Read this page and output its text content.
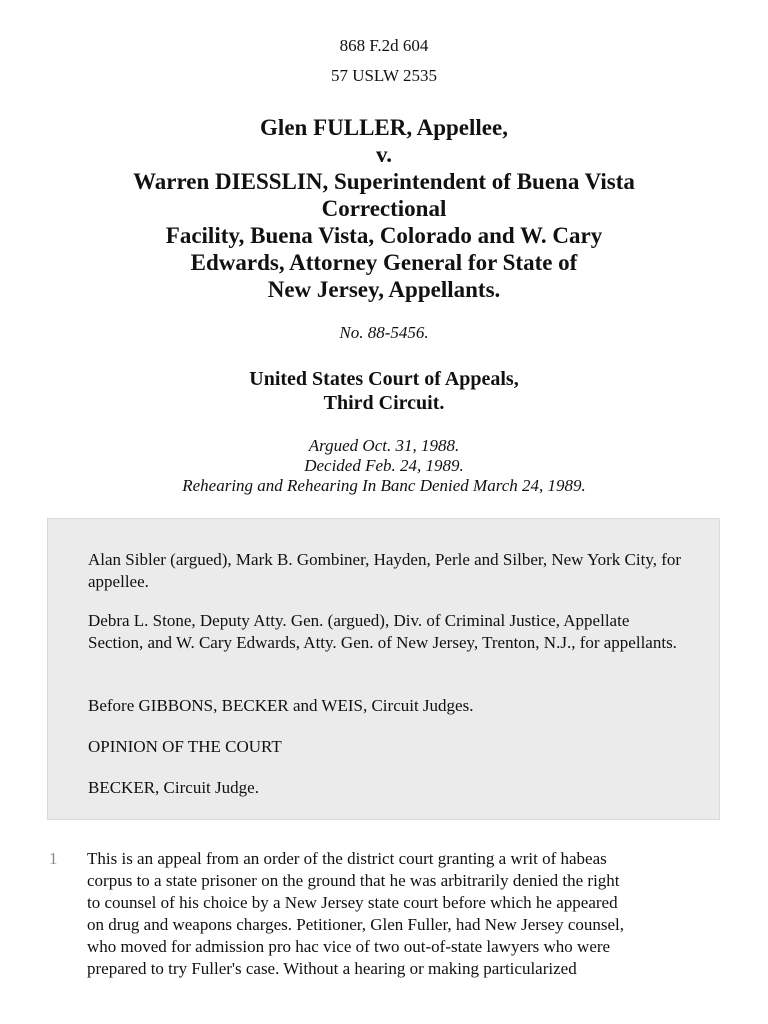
868 F.2d 604
57 USLW 2535
Glen FULLER, Appellee,
v.
Warren DIESSLIN, Superintendent of Buena Vista
Correctional
Facility, Buena Vista, Colorado and W. Cary
Edwards, Attorney General for State of
New Jersey, Appellants.
No. 88-5456.
United States Court of Appeals,
Third Circuit.
Argued Oct. 31, 1988.
Decided Feb. 24, 1989.
Rehearing and Rehearing In Banc Denied March 24, 1989.
Alan Sibler (argued), Mark B. Gombiner, Hayden, Perle and Silber, New York City, for appellee.
Debra L. Stone, Deputy Atty. Gen. (argued), Div. of Criminal Justice, Appellate Section, and W. Cary Edwards, Atty. Gen. of New Jersey, Trenton, N.J., for appellants.
Before GIBBONS, BECKER and WEIS, Circuit Judges.
OPINION OF THE COURT
BECKER, Circuit Judge.
1 This is an appeal from an order of the district court granting a writ of habeas
corpus to a state prisoner on the ground that he was arbitrarily denied the right
to counsel of his choice by a New Jersey state court before which he appeared
on drug and weapons charges. Petitioner, Glen Fuller, had New Jersey counsel,
who moved for admission pro hac vice of two out-of-state lawyers who were
prepared to try Fuller's case. Without a hearing or making particularized
